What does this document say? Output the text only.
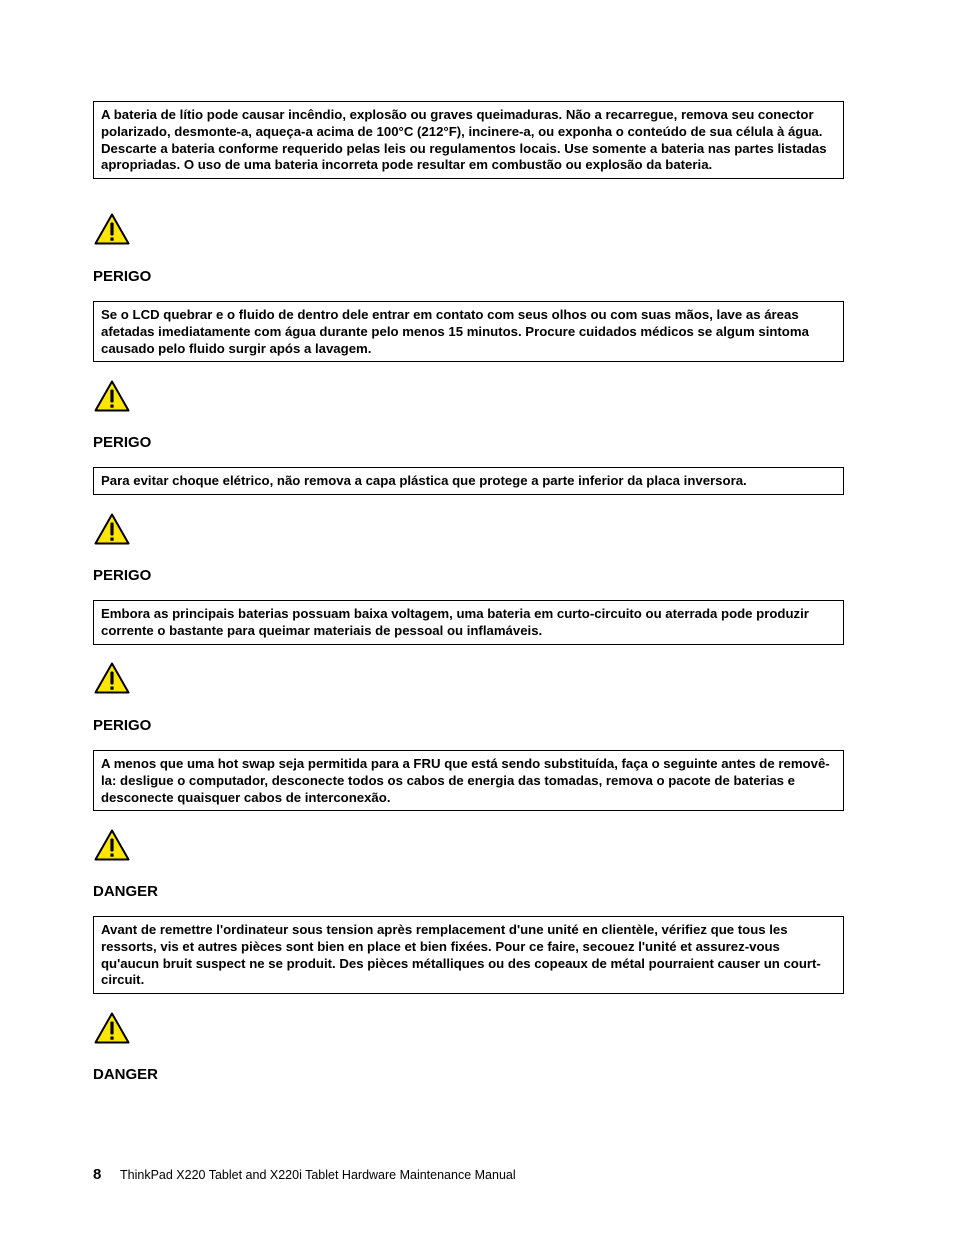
A bateria de lítio pode causar incêndio, explosão ou graves queimaduras. Não a recarregue, remova seu conector polarizado, desmonte-a, aqueça-a acima de 100°C (212°F), incinere-a, ou exponha o conteúdo de sua célula à água. Descarte a bateria conforme requerido pelas leis ou regulamentos locais. Use somente a bateria nas partes listadas apropriadas. O uso de uma bateria incorreta pode resultar em combustão ou explosão da bateria.

PERIGO

Se o LCD quebrar e o fluido de dentro dele entrar em contato com seus olhos ou com suas mãos, lave as áreas afetadas imediatamente com água durante pelo menos 15 minutos. Procure cuidados médicos se algum sintoma causado pelo fluido surgir após a lavagem.

PERIGO

Para evitar choque elétrico, não remova a capa plástica que protege a parte inferior da placa inversora.

PERIGO

Embora as principais baterias possuam baixa voltagem, uma bateria em curto-circuito ou aterrada pode produzir corrente o bastante para queimar materiais de pessoal ou inflamáveis.

PERIGO

A menos que uma hot swap seja permitida para a FRU que está sendo substituída, faça o seguinte antes de removê-la: desligue o computador, desconecte todos os cabos de energia das tomadas, remova o pacote de baterias e desconecte quaisquer cabos de interconexão.

DANGER

Avant de remettre l'ordinateur sous tension après remplacement d'une unité en clientèle, vérifiez que tous les ressorts, vis et autres pièces sont bien en place et bien fixées. Pour ce faire, secouez l'unité et assurez-vous qu'aucun bruit suspect ne se produit. Des pièces métalliques ou des copeaux de métal pourraient causer un court-circuit.

DANGER
8	ThinkPad X220 Tablet and X220i Tablet Hardware Maintenance Manual
